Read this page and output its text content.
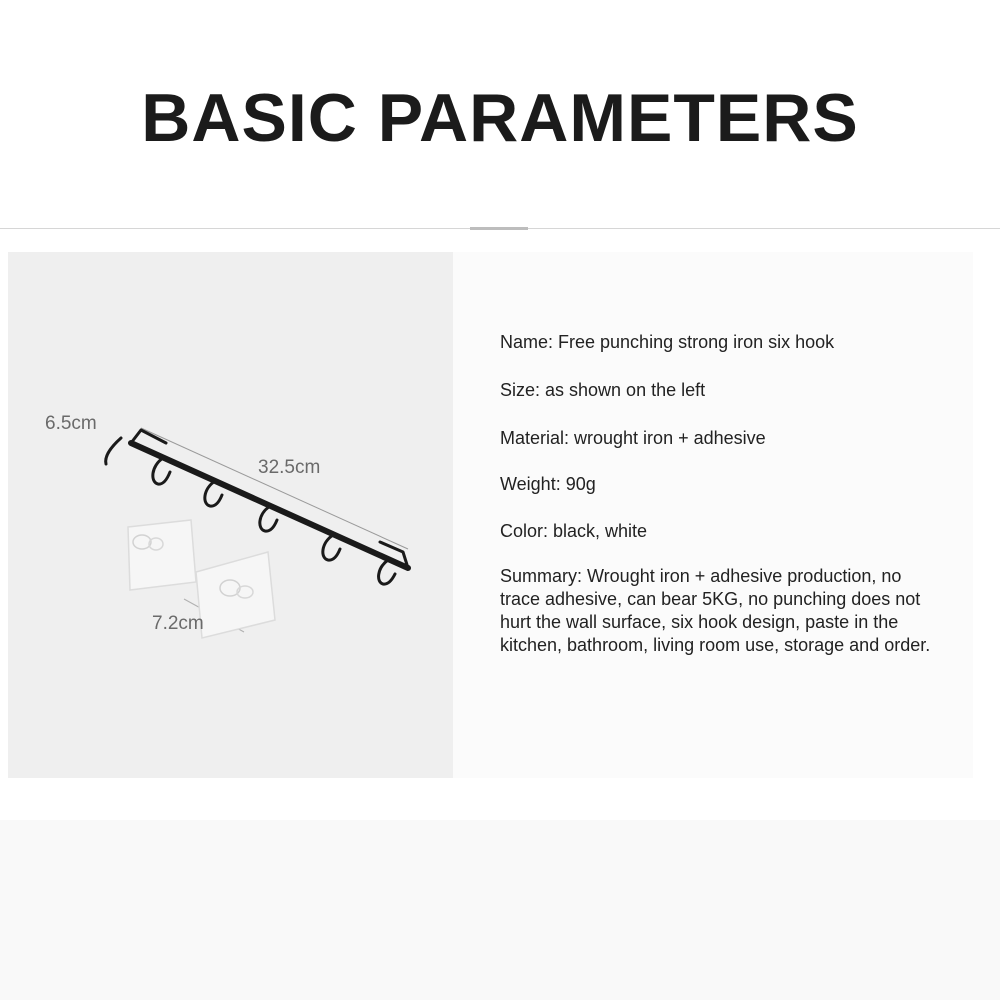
BASIC PARAMETERS
6.5cm
32.5cm
7.2cm
Name: Free punching strong iron six hook
Size: as shown on the left
Material: wrought iron + adhesive
Weight: 90g
Color: black, white
Summary: Wrought iron + adhesive production, no trace adhesive, can bear 5KG, no punching does not hurt the wall surface, six hook design, paste in the kitchen, bathroom, living room use, storage and order.
